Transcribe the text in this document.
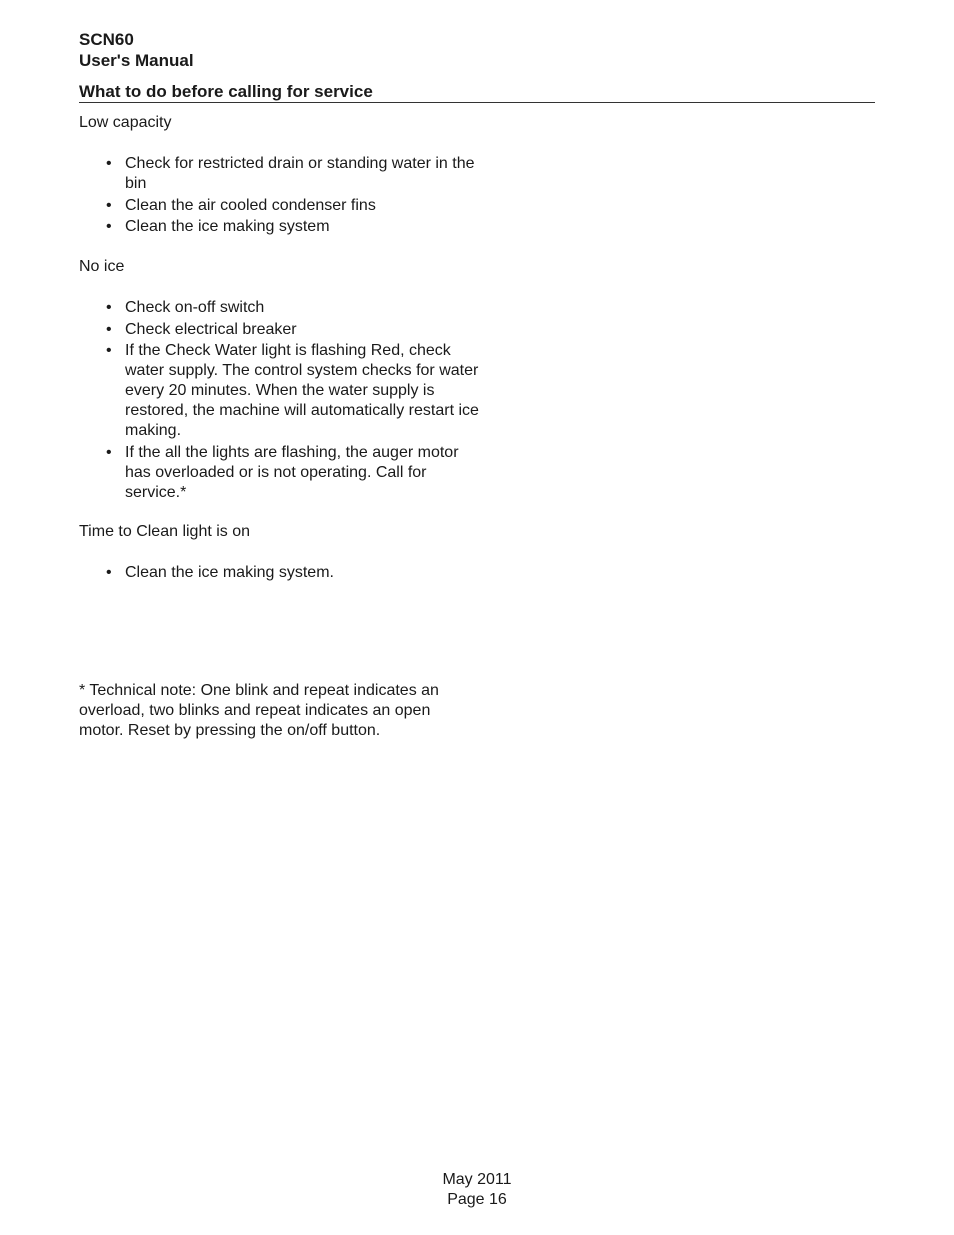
SCN60
User's Manual
What to do before calling for service
Low capacity
• Check for restricted drain or standing water in the bin
• Clean the air cooled condenser fins
• Clean the ice making system
No ice
• Check on-off switch
• Check electrical breaker
• If the Check Water light is flashing Red, check water supply. The control system checks for water every 20 minutes. When the water supply is restored, the machine will automatically restart ice making.
• If the all the lights are flashing, the auger motor has overloaded or is not operating. Call for service.*
Time to Clean light is on
• Clean the ice making system.
* Technical note: One blink and repeat indicates an overload, two blinks and repeat indicates an open motor. Reset by pressing the on/off button.
May 2011
Page 16
